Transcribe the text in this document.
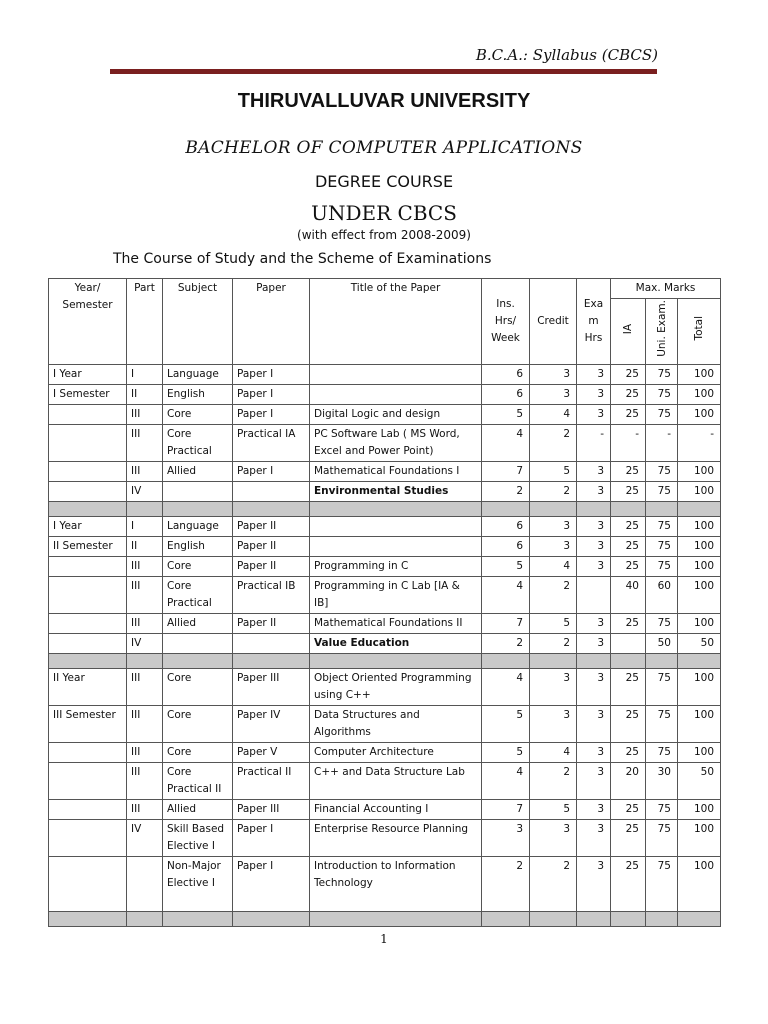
B.C.A.: Syllabus (CBCS)
THIRUVALLUVAR UNIVERSITY
BACHELOR OF COMPUTER APPLICATIONS
DEGREE COURSE
UNDER CBCS
(with effect from 2008-2009)
The Course of Study and the Scheme of Examinations
Year/ Semester	Part	Subject	Paper	Title of the Paper	Ins. Hrs/ Week	Credit	Exa m Hrs	Max. Marks		
								IA	Uni. Exam.	Total
I Year	I	Language	Paper I		6	3	3	25	75	100
I Semester	II	English	Paper I		6	3	3	25	75	100
	III	Core	Paper I	Digital Logic and design	5	4	3	25	75	100
	III	Core Practical	Practical IA	PC Software Lab ( MS Word, Excel and Power Point)	4	2	-	-	-	-
	III	Allied	Paper I	Mathematical Foundations I	7	5	3	25	75	100
	IV			Environmental Studies	2	2	3	25	75	100

I Year	I	Language	Paper II		6	3	3	25	75	100
II Semester	II	English	Paper II		6	3	3	25	75	100
	III	Core	Paper II	Programming in C	5	4	3	25	75	100
	III	Core Practical	Practical IB	Programming in C Lab [IA & IB]	4	2		40	60	100
	III	Allied	Paper II	Mathematical Foundations II	7	5	3	25	75	100
	IV			Value Education	2	2	3		50	50

II Year	III	Core	Paper III	Object Oriented Programming using C++	4	3	3	25	75	100
III Semester	III	Core	Paper IV	Data Structures and Algorithms	5	3	3	25	75	100
	III	Core	Paper V	Computer Architecture	5	4	3	25	75	100
	III	Core Practical II	Practical II	C++ and Data Structure Lab	4	2	3	20	30	50
	III	Allied	Paper III	Financial Accounting I	7	5	3	25	75	100
	IV	Skill Based Elective I	Paper I	Enterprise Resource Planning	3	3	3	25	75	100
		Non-Major Elective I	Paper I	Introduction to Information Technology	2	2	3	25	75	100

1
